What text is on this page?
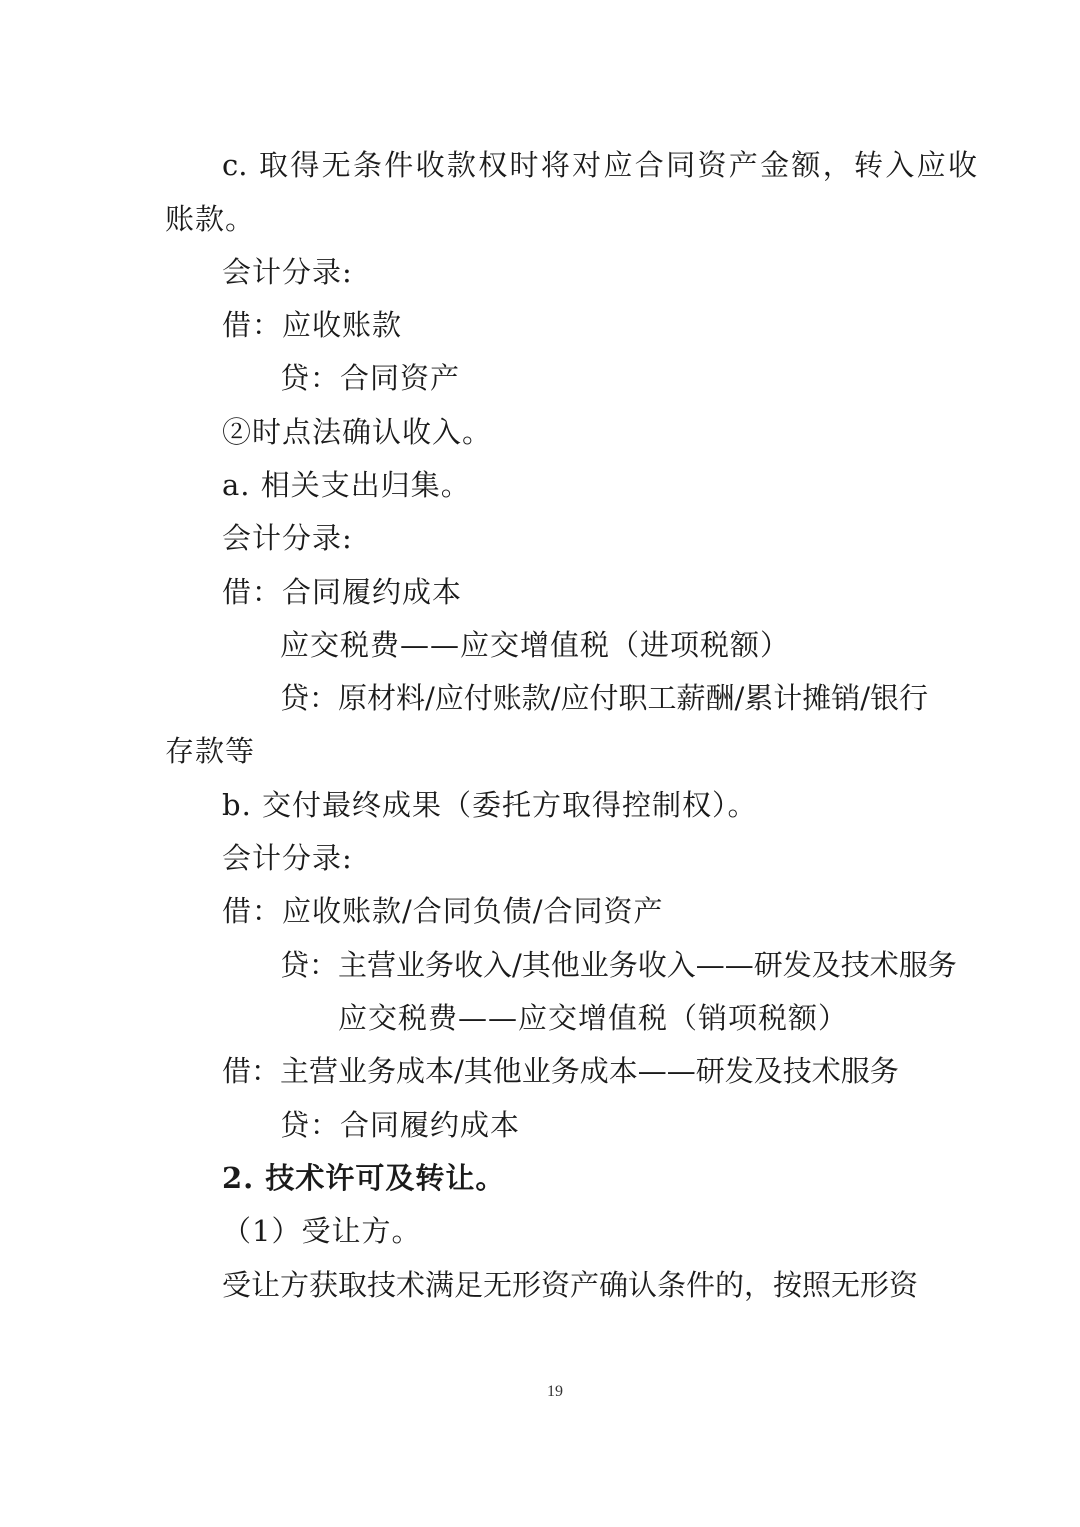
c. 取得无条件收款权时将对应合同资产金额，转入应收
账款。
会计分录:
借：应收账款
贷：合同资产
②时点法确认收入。
a. 相关支出归集。
会计分录:
借：合同履约成本
应交税费——应交增值税（进项税额）
贷：原材料/应付账款/应付职工薪酬/累计摊销/银行
存款等
b. 交付最终成果（委托方取得控制权）。
会计分录:
借：应收账款/合同负债/合同资产
贷：主营业务收入/其他业务收入——研发及技术服务
应交税费——应交增值税（销项税额）
借：主营业务成本/其他业务成本——研发及技术服务
贷：合同履约成本
2. 技术许可及转让。
（1）受让方。
受让方获取技术满足无形资产确认条件的，按照无形资
19
